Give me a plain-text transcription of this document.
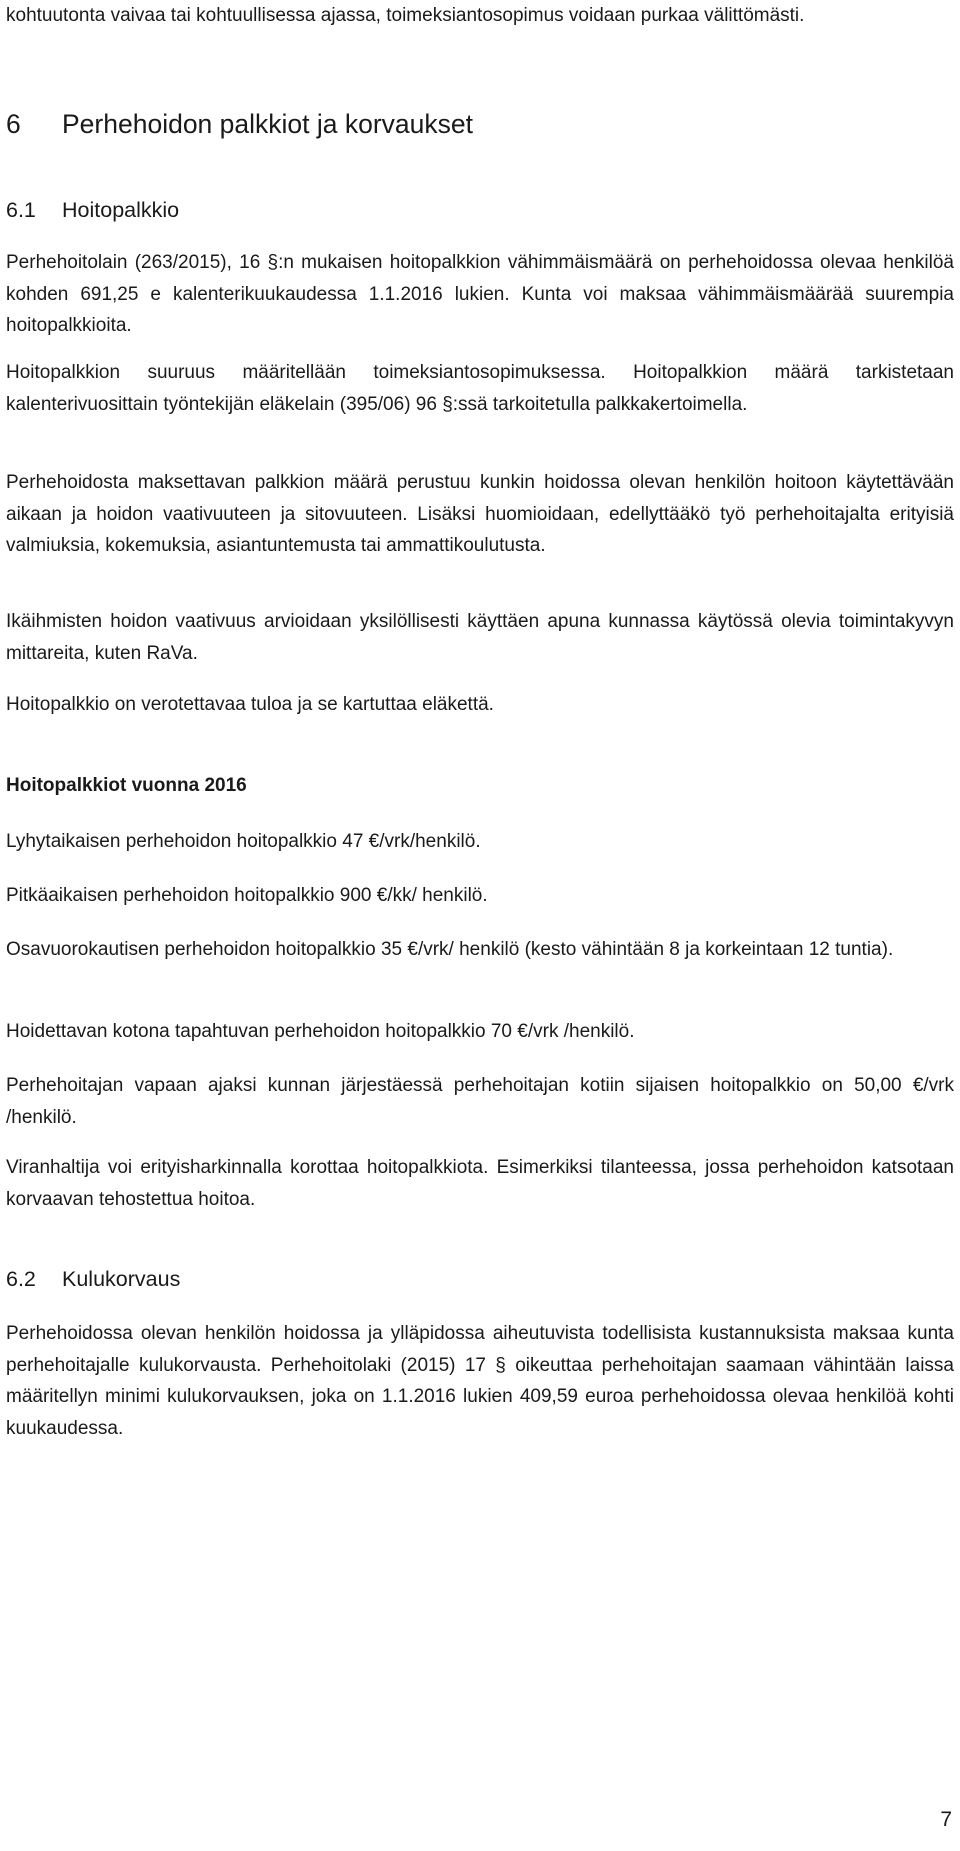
kohtuutonta vaivaa tai kohtuullisessa ajassa, toimeksiantosopimus voidaan purkaa välittömästi.

6 Perhehoidon palkkiot ja korvaukset
6.1 Hoitopalkkio

Perhehoitolain (263/2015), 16 §:n mukaisen hoitopalkkion vähimmäismäärä on perhehoidossa olevaa henkilöä kohden 691,25 e kalenterikuukaudessa 1.1.2016 lukien. Kunta voi maksaa vähimmäismäärää suurempia hoitopalkkioita.

Hoitopalkkion suuruus määritellään toimeksiantosopimuksessa. Hoitopalkkion määrä tarkistetaan kalenterivuosittain työntekijän eläkelain (395/06) 96 §:ssä tarkoitetulla palkkakertoimella.

Perhehoidosta maksettavan palkkion määrä perustuu kunkin hoidossa olevan henkilön hoitoon käytettävään aikaan ja hoidon vaativuuteen ja sitovuuteen. Lisäksi huomioidaan, edellyttääkö työ perhehoitajalta erityisiä valmiuksia, kokemuksia, asiantuntemusta tai ammattikoulutusta.

Ikäihmisten hoidon vaativuus arvioidaan yksilöllisesti käyttäen apuna kunnassa käytössä olevia toimintakyvyn mittareita, kuten RaVa.

Hoitopalkkio on verotettavaa tuloa ja se kartuttaa eläkettä.

Hoitopalkkiot vuonna 2016

Lyhytaikaisen perhehoidon hoitopalkkio 47 €/vrk/henkilö.

Pitkäaikaisen perhehoidon hoitopalkkio 900 €/kk/ henkilö.

Osavuorokautisen perhehoidon hoitopalkkio 35 €/vrk/ henkilö (kesto vähintään 8 ja korkeintaan 12 tuntia).

Hoidettavan kotona tapahtuvan perhehoidon hoitopalkkio 70 €/vrk /henkilö.

Perhehoitajan vapaan ajaksi kunnan järjestäessä perhehoitajan kotiin sijaisen hoitopalkkio on 50,00 €/vrk /henkilö.

Viranhaltija voi erityisharkinnalla korottaa hoitopalkkiota. Esimerkiksi tilanteessa, jossa perhehoidon katsotaan korvaavan tehostettua hoitoa.

6.2 Kulukorvaus

Perhehoidossa olevan henkilön hoidossa ja ylläpidossa aiheutuvista todellisista kustannuksista maksaa kunta perhehoitajalle kulukorvausta. Perhehoitolaki (2015) 17 § oikeuttaa perhehoitajan saamaan vähintään laissa määritellyn minimi kulukorvauksen, joka on 1.1.2016 lukien 409,59 euroa perhehoidossa olevaa henkilöä kohti kuukaudessa.

7
